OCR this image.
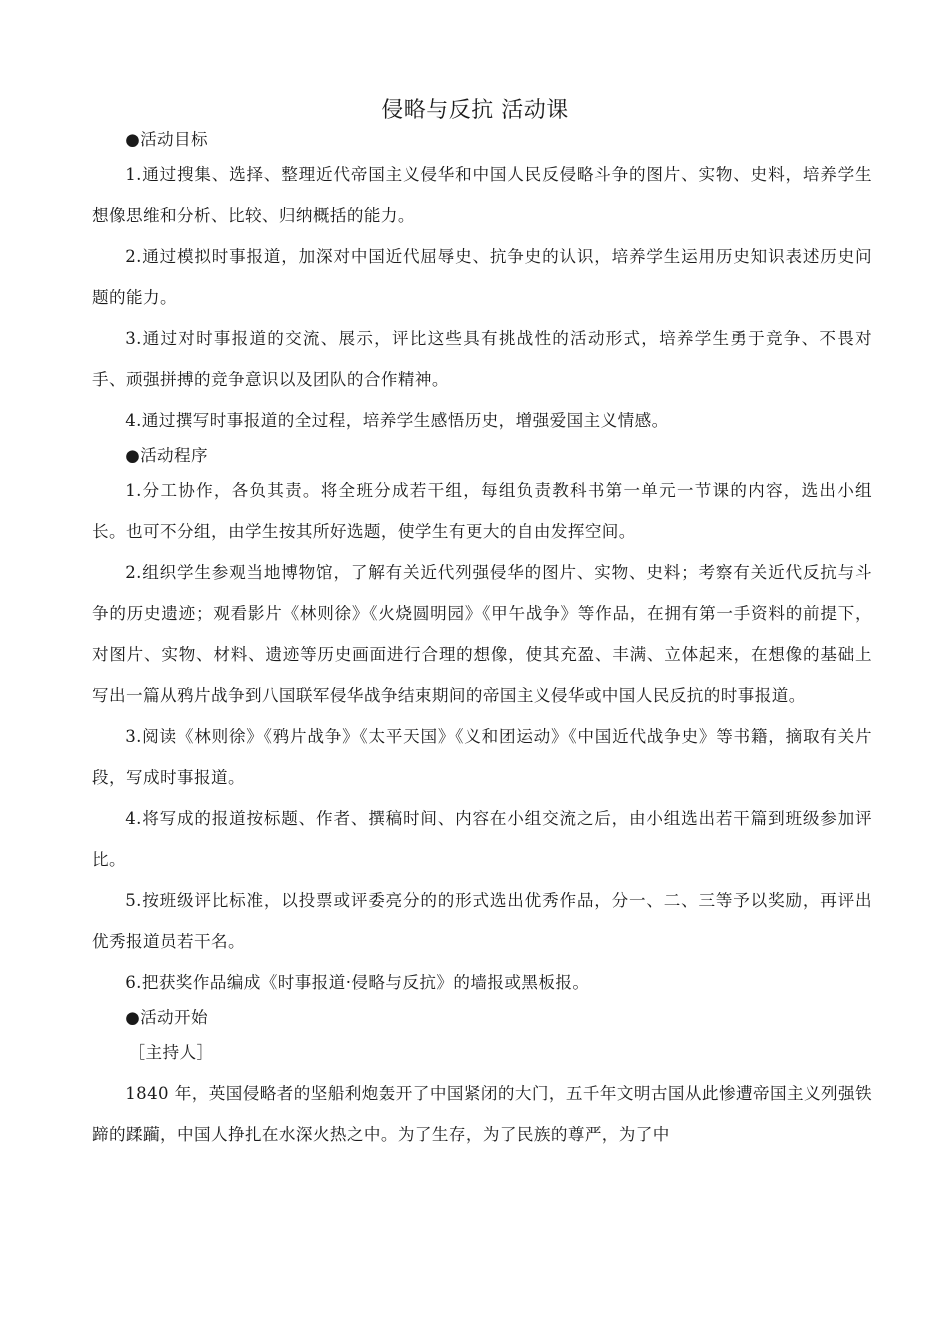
侵略与反抗 活动课

●活动目标

1.通过搜集、选择、整理近代帝国主义侵华和中国人民反侵略斗争的图片、实物、史料，培养学生想像思维和分析、比较、归纳概括的能力。

2.通过模拟时事报道，加深对中国近代屈辱史、抗争史的认识，培养学生运用历史知识表述历史问题的能力。

3.通过对时事报道的交流、展示，评比这些具有挑战性的活动形式，培养学生勇于竞争、不畏对手、顽强拼搏的竞争意识以及团队的合作精神。

4.通过撰写时事报道的全过程，培养学生感悟历史，增强爱国主义情感。

●活动程序

1.分工协作，各负其责。将全班分成若干组，每组负责教科书第一单元一节课的内容，选出小组长。也可不分组，由学生按其所好选题，使学生有更大的自由发挥空间。

2.组织学生参观当地博物馆，了解有关近代列强侵华的图片、实物、史料；考察有关近代反抗与斗争的历史遗迹；观看影片《林则徐》《火烧圆明园》《甲午战争》等作品，在拥有第一手资料的前提下，对图片、实物、材料、遗迹等历史画面进行合理的想像，使其充盈、丰满、立体起来，在想像的基础上写出一篇从鸦片战争到八国联军侵华战争结束期间的帝国主义侵华或中国人民反抗的时事报道。

3.阅读《林则徐》《鸦片战争》《太平天国》《义和团运动》《中国近代战争史》等书籍，摘取有关片段，写成时事报道。

4.将写成的报道按标题、作者、撰稿时间、内容在小组交流之后，由小组选出若干篇到班级参加评比。

5.按班级评比标准，以投票或评委亮分的的形式选出优秀作品，分一、二、三等予以奖励，再评出优秀报道员若干名。

6.把获奖作品编成《时事报道·侵略与反抗》的墙报或黑板报。

●活动开始

［主持人］

1840 年，英国侵略者的坚船利炮轰开了中国紧闭的大门，五千年文明古国从此惨遭帝国主义列强铁蹄的蹂躏，中国人挣扎在水深火热之中。为了生存，为了民族的尊严，为了中
